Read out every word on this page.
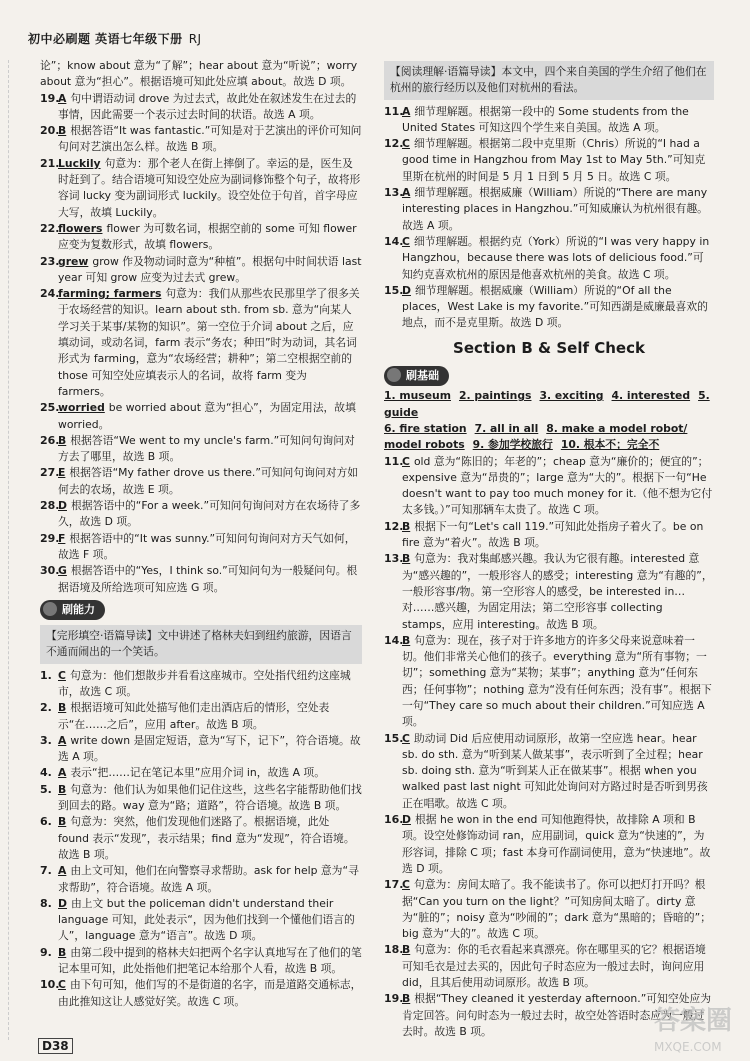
初中必刷题 英语七年级下册 RJ

论”；know about 意为“了解”；hear about 意为“听说”；worry about 意为“担心”。根据语境可知此处应填 about。故选 D 项。

19.
A 句中谓语动词 drove 为过去式，故此处在叙述发生在过去的事情，因此需要一个表示过去时间的状语。故选 A 项。

20.
B 根据答语“It was fantastic.”可知是对于艺演出的评价可知问句问对艺演出怎么样。故选 B 项。

21.
Luckily 句意为：那个老人在街上摔倒了。幸运的是，医生及时赶到了。结合语境可知设空处应为副词修饰整个句子，故将形容词 lucky 变为副词形式 luckily。设空处位于句首，首字母应大写，故填 Luckily。

22.
flowers flower 为可数名词，根据空前的 some 可知 flower 应变为复数形式，故填 flowers。

23.
grew grow 作及物动词时意为“种植”。根据句中时间状语 last year 可知 grow 应变为过去式 grew。

24.
farming; farmers 句意为：我们从那些农民那里学了很多关于农场经营的知识。learn about sth. from sb. 意为“向某人学习关于某事/某物的知识”。第一空位于介词 about 之后，应填动词，或动名词，farm 表示“务农；种田”时为动词，其名词形式为 farming，意为“农场经营；耕种”；第二空根据空前的 those 可知空处应填表示人的名词，故将 farm 变为 farmers。

25.
worried be worried about 意为“担心”，为固定用法，故填 worried。

26.
B 根据答语“We went to my uncle's farm.”可知问句询问对方去了哪里，故选 B 项。

27.
E 根据答语“My father drove us there.”可知问句询问对方如何去的农场，故选 E 项。

28.
D 根据答语中的“For a week.”可知问句询问对方在农场待了多久，故选 D 项。

29.
F 根据答语中的“It was sunny.”可知问句询问对方天气如何，故选 F 项。

30.
G 根据答语中的“Yes，I think so.”可知问句为一般疑问句。根据语境及所给选项可知应选 G 项。

刷能力
【完形填空·语篇导读】文中讲述了格林夫妇到纽约旅游，因语言不通而闹出的一个笑话。

1. C 句意为：他们想散步并看看这座城市。空处指代纽约这座城市，故选 C 项。

2. B 根据语境可知此处描写他们走出酒店后的情形，空处表示“在……之后”，应用 after。故选 B 项。

3. A write down 是固定短语，意为“写下，记下”，符合语境。故选 A 项。

4. A 表示“把……记在笔记本里”应用介词 in，故选 A 项。

5. B 句意为：他们认为如果他们记住这些，这些名字能帮助他们找到回去的路。way 意为“路；道路”，符合语境。故选 B 项。

6. B 句意为：突然，他们发现他们迷路了。根据语境，此处 found 表示“发现”，表示结果；find 意为“发现”，符合语境。故选 B 项。

7. A 由上文可知，他们在向警察寻求帮助。ask for help 意为“寻求帮助”，符合语境。故选 A 项。

8. D 由上文 but the policeman didn't understand their language 可知，此处表示“，因为他们找到一个懂他们语言的人”，language 意为“语言”。故选 D 项。

9. B 由第二段中提到的格林夫妇把两个名字认真地写在了他们的笔记本里可知，此处指他们把笔记本给那个人看，故选 B 项。

10.
C 由下句可知，他们写的不是街道的名字，而是道路交通标志，由此推知这让人感觉好笑。故选 C 项。

【阅读理解·语篇导读】本文中，四个来自美国的学生介绍了他们在杭州的旅行经历以及他们对杭州的看法。

11.
A 细节理解题。根据第一段中的 Some students from the United States 可知这四个学生来自美国。故选 A 项。

12.
C 细节理解题。根据第二段中克里斯（Chris）所说的“I had a good time in Hangzhou from May 1st to May 5th.”可知克里斯在杭州的时间是 5 月 1 日到 5 月 5 日。故选 C 项。

13.
A 细节理解题。根据威廉（William）所说的“There are many interesting places in Hangzhou.”可知威廉认为杭州很有趣。故选 A 项。

14.
C 细节理解题。根据约克（York）所说的“I was very happy in Hangzhou，because there was lots of delicious food.”可知约克喜欢杭州的原因是他喜欢杭州的美食。故选 C 项。

15.
D 细节理解题。根据威廉（William）所说的“Of all the places，West Lake is my favorite.”可知西湖是威廉最喜欢的地点，而不是克里斯。故选 D 项。

Section B & Self Check
刷基础
1. museum 2. paintings 3. exciting 4. interested 5. guide
6. fire station 7. all in all 8. make a model robot/ model robots 9. 参加学校旅行 10. 根本不；完全不

11.
C old 意为“陈旧的；年老的”；cheap 意为“廉价的；便宜的”；expensive 意为“昂贵的”；large 意为“大的”。根据下一句“He doesn't want to pay too much money for it.（他不想为它付太多钱。）”可知那辆车太贵了。故选 C 项。

12.
B 根据下一句“Let's call 119.”可知此处指房子着火了。be on fire 意为“着火”。故选 B 项。

13.
B 句意为：我对集邮感兴趣。我认为它很有趣。interested 意为“感兴趣的”，一般形容人的感受；interesting 意为“有趣的”，一般形容事/物。第一空形容人的感受，be interested in…对……感兴趣，为固定用法；第二空形容事 collecting stamps，应用 interesting。故选 B 项。

14.
B 句意为：现在，孩子对于许多地方的许多父母来说意味着一切。他们非常关心他们的孩子。everything 意为“所有事物；一切”；something 意为“某物；某事”；anything 意为“任何东西；任何事物”；nothing 意为“没有任何东西；没有事”。根据下一句“They care so much about their children.”可知应选 A 项。

15.
C 助动词 Did 后应使用动词原形，故第一空应选 hear。hear sb. do sth. 意为“听到某人做某事”，表示听到了全过程；hear sb. doing sth. 意为“听到某人正在做某事”。根据 when you walked past last night 可知此处询问对方路过时是否听到男孩正在唱歌。故选 C 项。

16.
D 根据 he won in the end 可知他跑得快，故排除 A 项和 B 项。设空处修饰动词 ran，应用副词，quick 意为“快速的”，为形容词，排除 C 项；fast 本身可作副词使用，意为“快速地”。故选 D 项。

17.
C 句意为：房间太暗了。我不能读书了。你可以把灯打开吗？根据“Can you turn on the light？”可知房间太暗了。dirty 意为“脏的”；noisy 意为“吵闹的”；dark 意为“黑暗的；昏暗的”；big 意为“大的”。故选 C 项。

18.
B 句意为：你的毛衣看起来真漂亮。你在哪里买的它？根据语境可知毛衣是过去买的，因此句子时态应为一般过去时，询问应用 did，且其后使用动词原形。故选 B 项。

19.
B 根据“They cleaned it yesterday afternoon.”可知空处应为肯定回答。问句时态为一般过去时，故空处答语时态应为一般过去时。故选 B 项。

D38
答案圈
MXQE.COM
